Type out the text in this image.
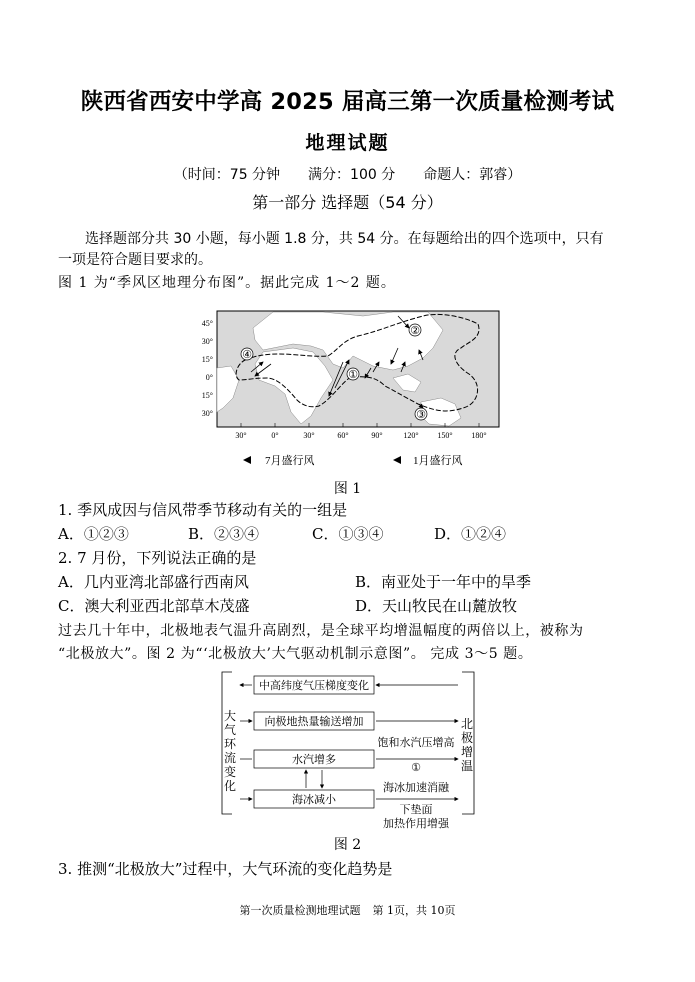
陕西省西安中学高 2025 届高三第一次质量检测考试
地理试题
（时间：75 分钟 满分：100 分 命题人：郭睿）
第一部分 选择题（54 分）
选择题部分共 30 小题，每小题 1.8 分，共 54 分。在每题给出的四个选项中，只有
一项是符合题目要求的。
图 1 为“季风区地理分布图”。据此完成 1～2 题。
①
②
③
④
45°
30°
15°
0°
15°
30°
30°	0°	30°	60°	90°	120° 150° 180°
7月盛行风	1月盛行风
图 1
1. 季风成因与信风带季节移动有关的一组是
A．①②③	B．②③④	C．①③④	D．①②④
2. 7 月份，下列说法正确的是
A．几内亚湾北部盛行西南风	B．南亚处于一年中的旱季
C．澳大利亚西北部草木茂盛	D．天山牧民在山麓放牧
过去几十年中，北极地表气温升高剧烈，是全球平均增温幅度的两倍以上，被称为
“北极放大”。图 2 为“‘北极放大’大气驱动机制示意图”。 完成 3～5 题。
大
气
环
流
变
化
北
极
增
温
中高纬度气压梯度变化
向极地热量输送增加
水汽增多
饱和水汽压增高
①
海冰减小
海冰加速消融
下垫面
加热作用增强
图 2
3. 推测“北极放大”过程中，大气环流的变化趋势是
第一次质量检测地理试题 第 1页，共 10页
